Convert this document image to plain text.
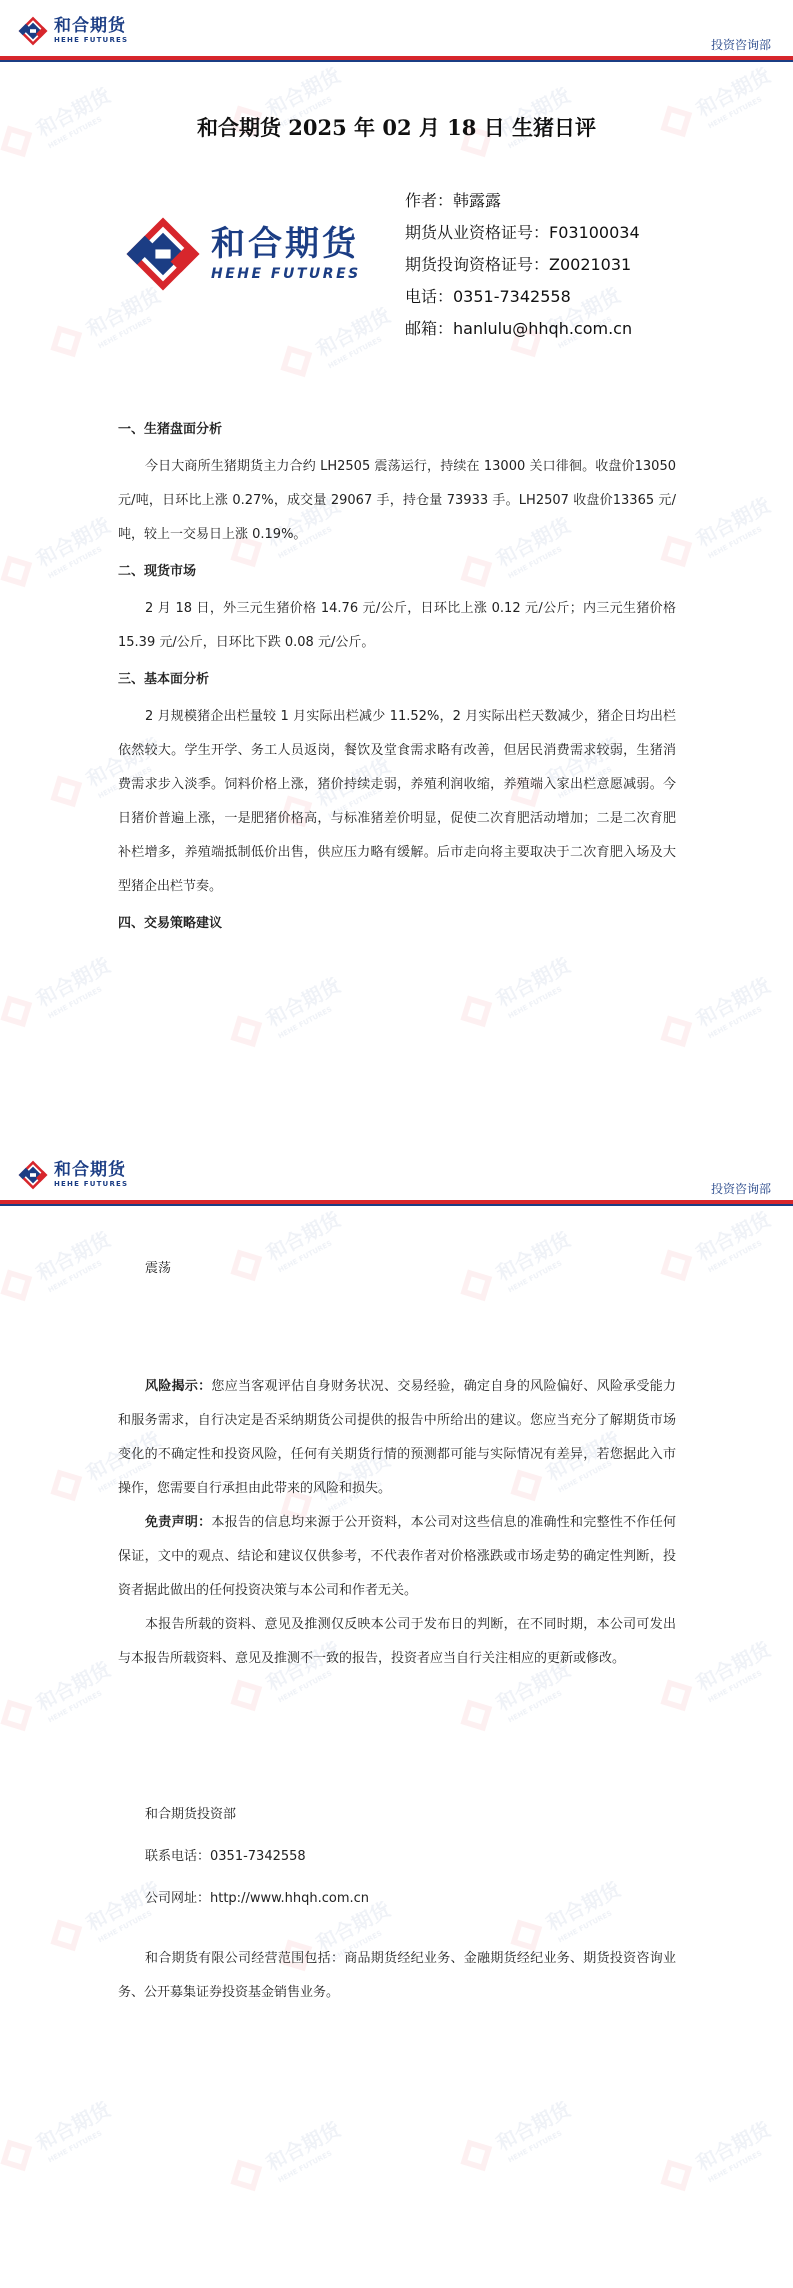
和合期货
HEHE FUTURES	投资咨询部
和合期货 2025 年 02 月 18 日 生猪日评
和合期货
HEHE FUTURES
作者：韩露露
期货从业资格证号：F03100034
期货投询资格证号：Z0021031
电话：0351-7342558
邮箱：hanlulu@hhqh.com.cn
一、生猪盘面分析
今日大商所生猪期货主力合约 LH2505 震荡运行，持续在 13000 关口徘徊。收盘价13050 元/吨，日环比上涨 0.27%，成交量 29067 手，持仓量 73933 手。LH2507 收盘价13365 元/吨，较上一交易日上涨 0.19%。
二、现货市场
2 月 18 日，外三元生猪价格 14.76 元/公斤，日环比上涨 0.12 元/公斤；内三元生猪价格 15.39 元/公斤，日环比下跌 0.08 元/公斤。
三、基本面分析
2 月规模猪企出栏量较 1 月实际出栏减少 11.52%，2 月实际出栏天数减少，猪企日均出栏依然较大。学生开学、务工人员返岗，餐饮及堂食需求略有改善，但居民消费需求较弱，生猪消费需求步入淡季。饲料价格上涨，猪价持续走弱，养殖利润收缩，养殖端入家出栏意愿减弱。今日猪价普遍上涨，一是肥猪价格高，与标准猪差价明显，促使二次育肥活动增加；二是二次育肥补栏增多，养殖端抵制低价出售，供应压力略有缓解。后市走向将主要取决于二次育肥入场及大型猪企出栏节奏。
四、交易策略建议
和合期货
HEHE FUTURES	投资咨询部
震荡
风险揭示：您应当客观评估自身财务状况、交易经验，确定自身的风险偏好、风险承受能力和服务需求，自行决定是否采纳期货公司提供的报告中所给出的建议。您应当充分了解期货市场变化的不确定性和投资风险，任何有关期货行情的预测都可能与实际情况有差异，若您据此入市操作，您需要自行承担由此带来的风险和损失。
免责声明：本报告的信息均来源于公开资料，本公司对这些信息的准确性和完整性不作任何保证，文中的观点、结论和建议仅供参考，不代表作者对价格涨跌或市场走势的确定性判断，投资者据此做出的任何投资决策与本公司和作者无关。
本报告所载的资料、意见及推测仅反映本公司于发布日的判断，在不同时期，本公司可发出与本报告所载资料、意见及推测不一致的报告，投资者应当自行关注相应的更新或修改。
和合期货投资部
联系电话：0351-7342558
公司网址：http://www.hhqh.com.cn
和合期货有限公司经营范围包括：商品期货经纪业务、金融期货经纪业务、期货投资咨询业务、公开募集证券投资基金销售业务。
